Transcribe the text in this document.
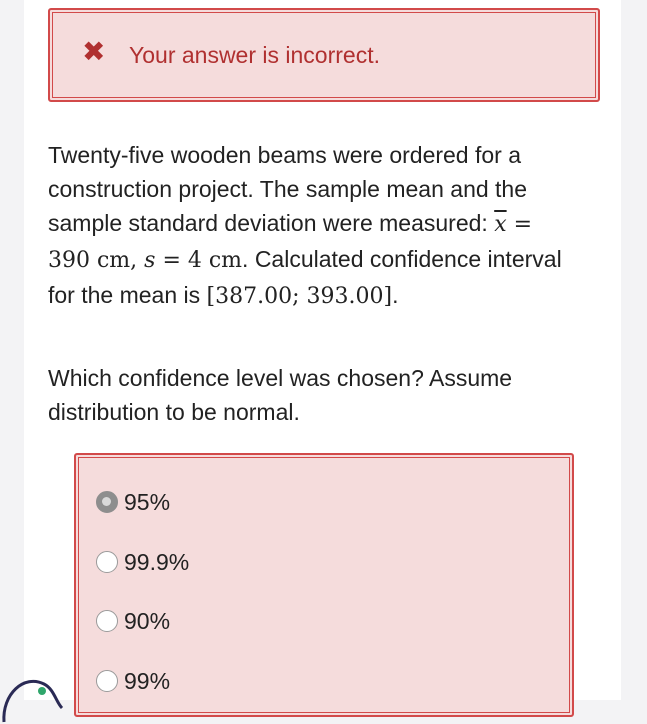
✖ Your answer is incorrect.
Twenty-five wooden beams were ordered for a construction project. The sample mean and the sample standard deviation were measured: $\overline{x} = 390$ cm, s = 4 cm. Calculated confidence interval for the mean is [387.00; 393.00].
Which confidence level was chosen? Assume distribution to be normal.
95%
99.9%
90%
99%
